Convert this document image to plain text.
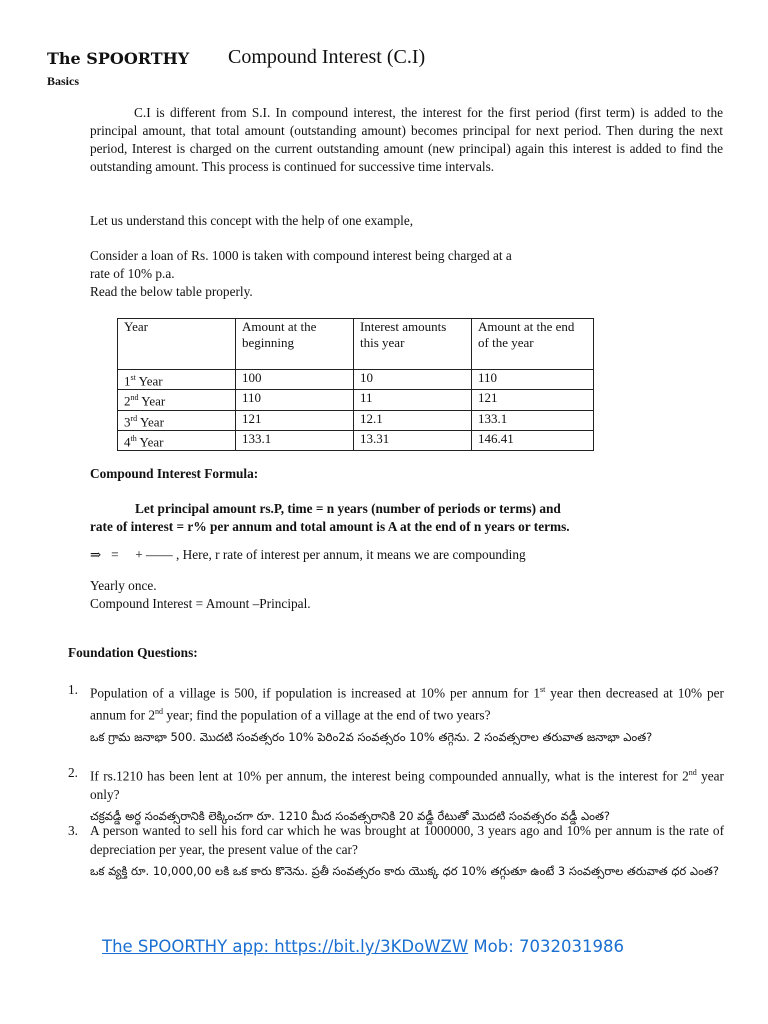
The SPOORTHY Compound Interest (C.I)
Basics
C.I is different from S.I. In compound interest, the interest for the first period (first term) is added to the principal amount, that total amount (outstanding amount) becomes principal for next period. Then during the next period, Interest is charged on the current outstanding amount (new principal) again this interest is added to find the outstanding amount. This process is continued for successive time intervals.
Let us understand this concept with the help of one example,
Consider a loan of Rs. 1000 is taken with compound interest being charged at a
rate of 10% p.a.
Read the below table properly.
Year	Amount at the beginning	Interest amounts this year	Amount at the end of the year
1st Year	100	10	110
2nd Year	110	11	121
3rd Year	121	12.1	133.1
4th Year	133.1	13.31	146.41
Compound Interest Formula:
Let principal amount rs.P, time = n years (number of periods or terms) and
rate of interest = r% per annum and total amount is A at the end of n years or terms.
⇒   =     + —— , Here, r rate of interest per annum, it means we are compounding
Yearly once.
Compound Interest = Amount –Principal.
Foundation Questions:
1. Population of a village is 500, if population is increased at 10% per annum for 1st year then decreased at 10% per annum for 2nd year; find the population of a village at the end of two years?
ఒక గ్రామ జనాభా 500. మొదటి సంవత్సరం 10% పెరిం2వ సంవత్సరం 10% తగ్గెను. 2 సంవత్సరాల తరువాత జనాభా ఎంత?
2. If rs.1210 has been lent at 10% per annum, the interest being compounded annually, what is the interest for 2nd year only?
చక్రవడ్డీ అర్ధ సంవత్సరానికి లెక్కించగా రూ. 1210 మీద సంవత్సరానికి 20 వడ్డీ రేటుతో మొదటి సంవత్సరం వడ్డీ ఎంత?
3. A person wanted to sell his ford car which he was brought at 1000000, 3 years ago and 10% per annum is the rate of depreciation per year, the present value of the car?
ఒక వ్యక్తి రూ. 10,000,00 లకి ఒక కారు కొనెను. ప్రతీ సంవత్సరం కారు యొక్క ధర 10% తగ్గుతూ ఉంటే 3 సంవత్సరాల తరువాత ధర ఎంత?
The SPOORTHY app: https://bit.ly/3KDoWZW Mob: 7032031986
